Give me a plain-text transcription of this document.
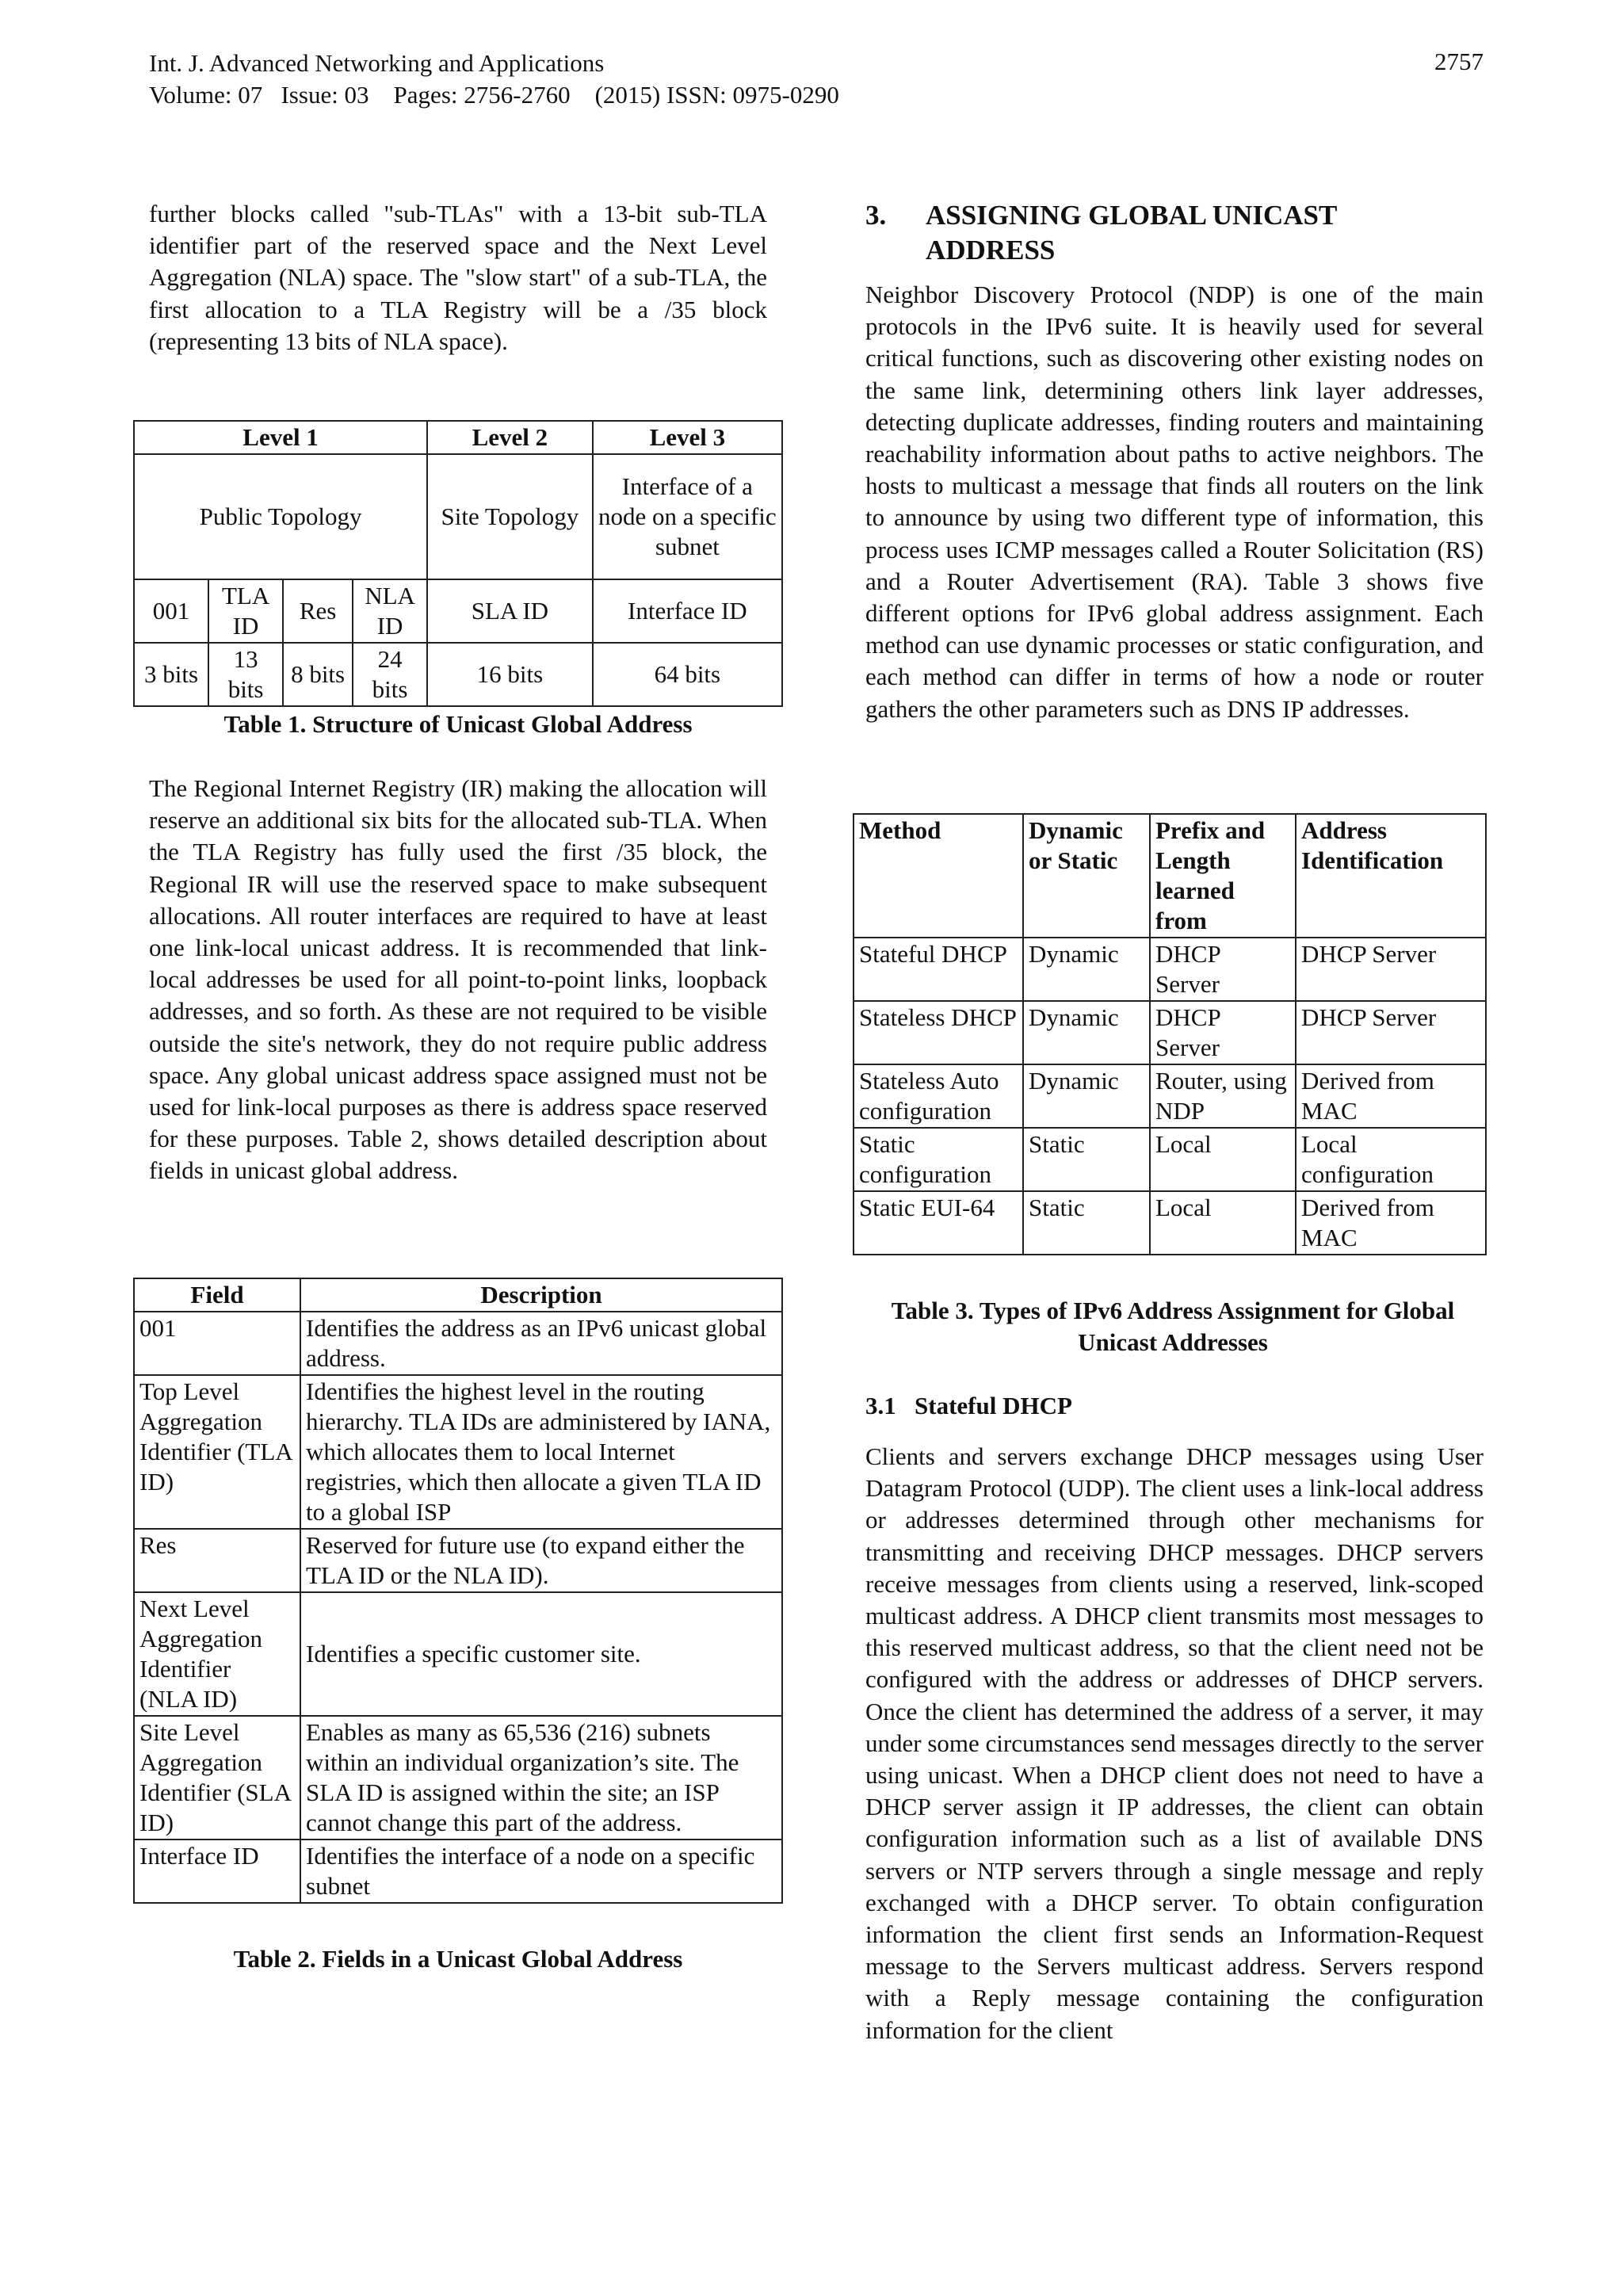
Int. J. Advanced Networking and Applications
Volume: 07   Issue: 03    Pages: 2756-2760    (2015) ISSN: 0975-0290
2757

further blocks called "sub-TLAs" with a 13-bit sub-TLA identifier part of the reserved space and the Next Level Aggregation (NLA) space. The "slow start" of a sub-TLA, the first allocation to a TLA Registry will be a /35 block (representing 13 bits of NLA space).

Level 1				Level 2	Level 3
Public Topology				Site Topology	Interface of a node on a specific subnet
001	TLA ID	Res	NLA ID	SLA ID	Interface ID
3 bits	13 bits	8 bits	24 bits	16 bits	64 bits
Table 1. Structure of Unicast Global Address

The Regional Internet Registry (IR) making the allocation will reserve an additional six bits for the allocated sub-TLA. When the TLA Registry has fully used the first /35 block, the Regional IR will use the reserved space to make subsequent allocations. All router interfaces are required to have at least one link-local unicast address. It is recommended that link-local addresses be used for all point-to-point links, loopback addresses, and so forth. As these are not required to be visible outside the site's network, they do not require public address space. Any global unicast address space assigned must not be used for link-local purposes as there is address space reserved for these purposes. Table 2, shows detailed description about fields in unicast global address.

Field	Description
001	Identifies the address as an IPv6 unicast global address.
Top Level Aggregation Identifier (TLA ID)	Identifies the highest level in the routing hierarchy. TLA IDs are administered by IANA, which allocates them to local Internet registries, which then allocate a given TLA ID to a global ISP
Res	Reserved for future use (to expand either the TLA ID or the NLA ID).
Next Level Aggregation Identifier (NLA ID)	Identifies a specific customer site.
Site Level Aggregation Identifier (SLA ID)	Enables as many as 65,536 (216) subnets within an individual organization’s site. The SLA ID is assigned within the site; an ISP cannot change this part of the address.
Interface ID	Identifies the interface of a node on a specific subnet
Table 2. Fields in a Unicast Global Address
3. ASSIGNING GLOBAL UNICAST ADDRESS

Neighbor Discovery Protocol (NDP) is one of the main protocols in the IPv6 suite. It is heavily used for several critical functions, such as discovering other existing nodes on the same link, determining others link layer addresses, detecting duplicate addresses, finding routers and maintaining reachability information about paths to active neighbors. The hosts to multicast a message that finds all routers on the link to announce by using two different type of information, this process uses ICMP messages called a Router Solicitation (RS) and a Router Advertisement (RA). Table 3 shows five different options for IPv6 global address assignment. Each method can use dynamic processes or static configuration, and each method can differ in terms of how a node or router gathers the other parameters such as DNS IP addresses.

Method	Dynamic or Static	Prefix and Length learned from	Address Identification
Stateful DHCP	Dynamic	DHCP Server	DHCP Server
Stateless DHCP	Dynamic	DHCP Server	DHCP Server
Stateless Auto configuration	Dynamic	Router, using NDP	Derived from MAC
Static configuration	Static	Local	Local configuration
Static EUI-64	Static	Local	Derived from MAC
Table 3. Types of IPv6 Address Assignment for Global Unicast Addresses
3.1   Stateful DHCP

Clients and servers exchange DHCP messages using User Datagram Protocol (UDP). The client uses a link-local address or addresses determined through other mechanisms for transmitting and receiving DHCP messages. DHCP servers receive messages from clients using a reserved, link-scoped multicast address. A DHCP client transmits most messages to this reserved multicast address, so that the client need not be configured with the address or addresses of DHCP servers. Once the client has determined the address of a server, it may under some circumstances send messages directly to the server using unicast. When a DHCP client does not need to have a DHCP server assign it IP addresses, the client can obtain configuration information such as a list of available DNS servers or NTP servers through a single message and reply exchanged with a DHCP server. To obtain configuration information the client first sends an Information-Request message to the Servers multicast address. Servers respond with a Reply message containing the configuration information for the client
